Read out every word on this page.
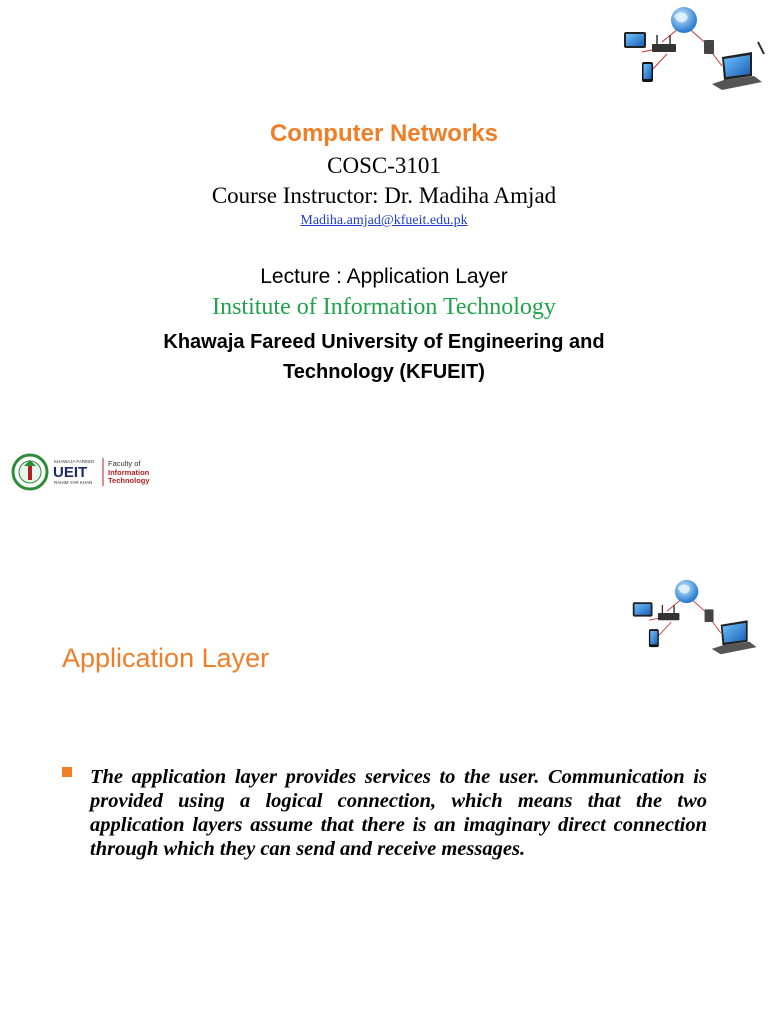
Computer Networks
COSC-3101
Course Instructor: Dr. Madiha Amjad
Madiha.amjad@kfueit.edu.pk
Lecture : Application Layer
Institute of Information Technology
Khawaja Fareed University of Engineering and
Technology (KFUEIT)
KHAWAJA FAREED
UEIT
RAHIM YAR KHAN
Faculty of
Information
Technology
Application Layer
The application layer provides services to the user. Communication is provided using a logical connection, which means that the two application layers assume that there is an imaginary direct connection through which they can send and receive messages.
